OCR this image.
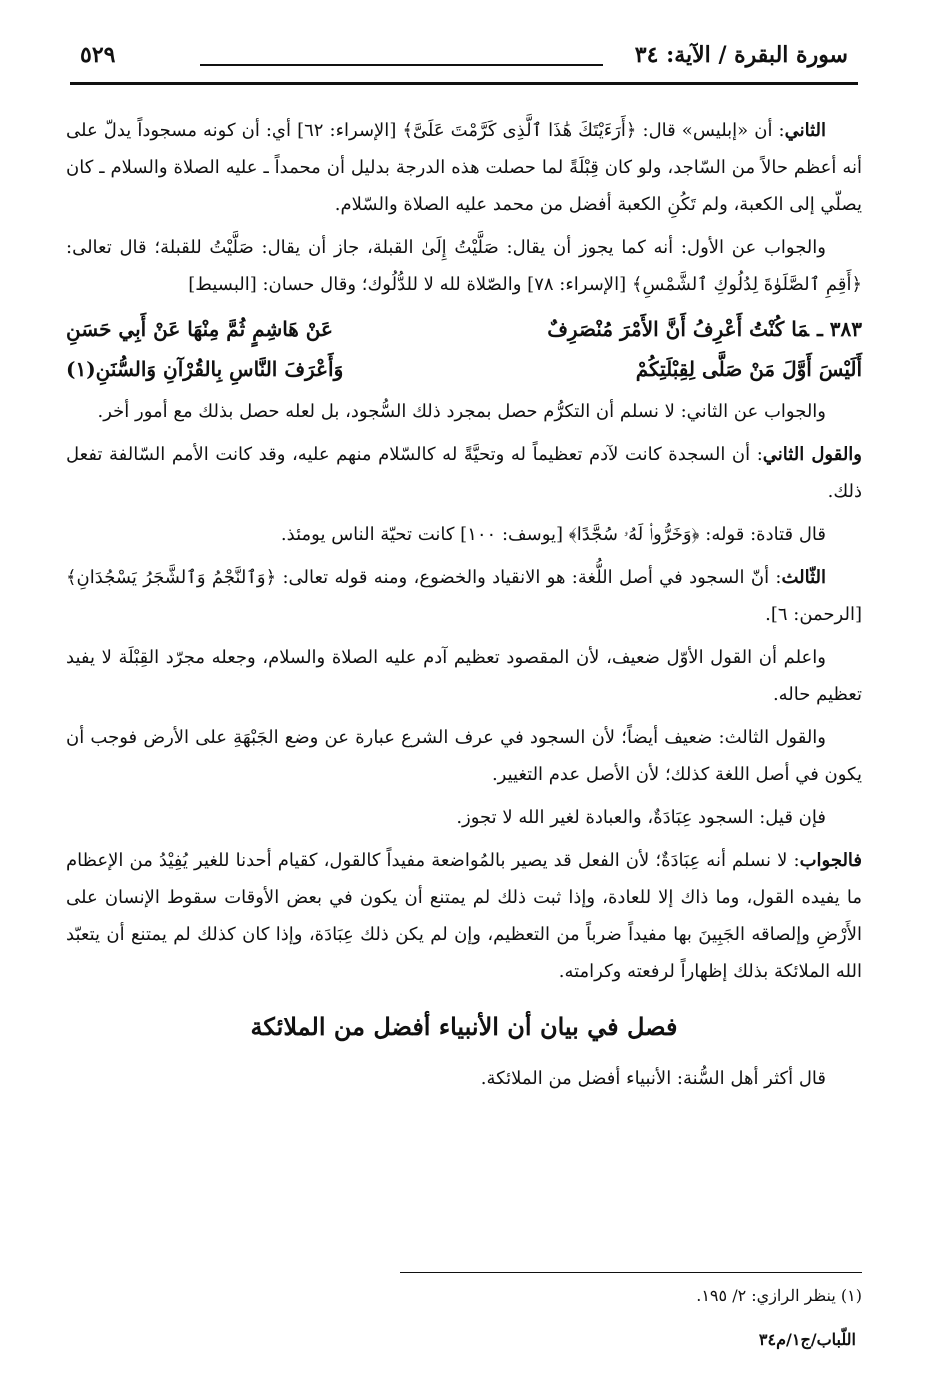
سورة البقرة / الآية: ٣٤
٥٢٩

الثاني: أن «إبليس» قال: ﴿أَرَءَيْتَكَ هَٰذَا ٱلَّذِى كَرَّمْتَ عَلَىَّ﴾ [الإسراء: ٦٢] أي: أن كونه مسجوداً يدلّ على أنه أعظم حالاً من السّاجد، ولو كان قِبْلَةً لما حصلت هذه الدرجة بدليل أن محمداً ـ عليه الصلاة والسلام ـ كان يصلّي إلى الكعبة، ولم تَكُنِ الكعبة أفضل من محمد عليه الصلاة والسّلام.

والجواب عن الأول: أنه كما يجوز أن يقال: صَلَّيْتُ إِلَىٰ القبلة، جاز أن يقال: صَلَّيْتُ للقبلة؛ قال تعالى: ﴿أَقِمِ ٱلصَّلَوٰةَ لِدُلُوكِ ٱلشَّمْسِ﴾ [الإسراء: ٧٨] والصّلاة لله لا للدُّلُوك؛ وقال حسان: [البسيط]

٣٨٣ ـمَا كُنْتُ أَعْرِفُ أَنَّ الأَمْرَ مُنْصَرِفٌ
عَنْ هَاشِمٍ ثُمَّ مِنْهَا عَنْ أَبِي حَسَنِ
أَلَيْسَ أَوَّلَ مَنْ صَلَّى لِقِبْلَتِكُمْ
وَأَعْرَفَ النَّاسِ بِالقُرْآنِ وَالسُّنَنِ(١)

والجواب عن الثاني: لا نسلم أن التكرُّم حصل بمجرد ذلك السُّجود، بل لعله حصل بذلك مع أمور أخر.

والقول الثاني: أن السجدة كانت لآدم تعظيماً له وتحيَّةً له كالسّلام منهم عليه، وقد كانت الأمم السّالفة تفعل ذلك.

قال قتادة: قوله: ﴿وَخَرُّوا۟ لَهُۥ سُجَّدًا﴾ [يوسف: ١٠٠] كانت تحيّة الناس يومئذ.

الثّالث: أنّ السجود في أصل اللُّغة: هو الانقياد والخضوع، ومنه قوله تعالى: ﴿وَٱلنَّجْمُ وَٱلشَّجَرُ يَسْجُدَانِ﴾ [الرحمن: ٦].

واعلم أن القول الأوّل ضعيف، لأن المقصود تعظيم آدم عليه الصلاة والسلام، وجعله مجرّد القِبْلَة لا يفيد تعظيم حاله.

والقول الثالث: ضعيف أيضاً؛ لأن السجود في عرف الشرع عبارة عن وضع الجَبْهَةِ على الأرض فوجب أن يكون في أصل اللغة كذلك؛ لأن الأصل عدم التغيير.

فإن قيل: السجود عِبَادَةٌ، والعبادة لغير الله لا تجوز.

فالجواب: لا نسلم أنه عِبَادَةٌ؛ لأن الفعل قد يصير بالمُواضعة مفيداً كالقول، كقيام أحدنا للغير يُفِيْدُ من الإعظام ما يفيده القول، وما ذاك إلا للعادة، وإذا ثبت ذلك لم يمتنع أن يكون في بعض الأوقات سقوط الإنسان على الأَرْضِ وإلصاقه الجَبِينَ بها مفيداً ضرباً من التعظيم، وإن لم يكن ذلك عِبَادَة، وإذا كان كذلك لم يمتنع أن يتعبّد الله الملائكة بذلك إظهاراً لرفعته وكرامته.

فصل في بيان أن الأنبياء أفضل من الملائكة

قال أكثر أهل السُّنة: الأنبياء أفضل من الملائكة.

(١) ينظر الرازي: ٢/ ١٩٥.
اللّباب/ج١/م٣٤
